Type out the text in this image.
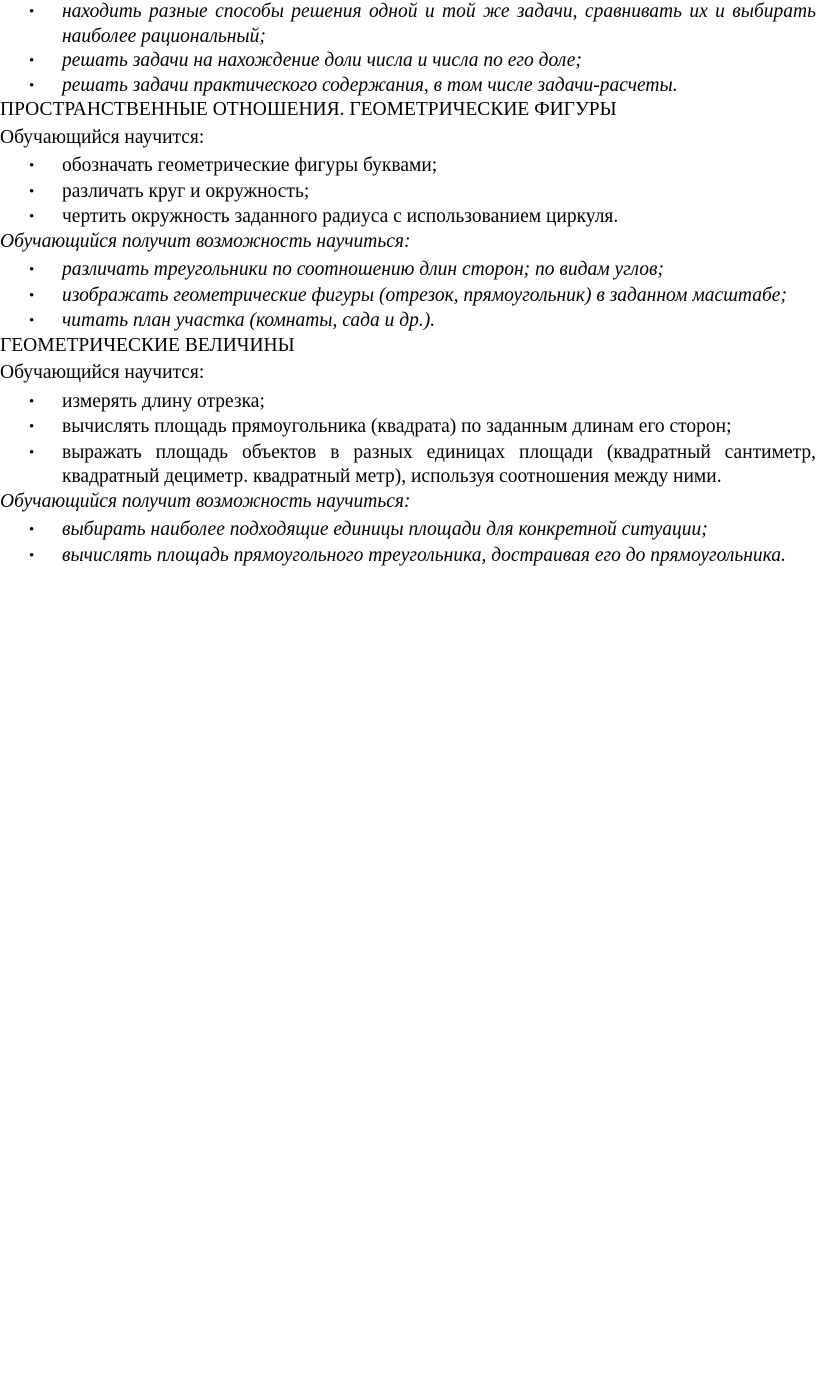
• находить разные способы решения одной и той же задачи, сравнивать их и выбирать наиболее рациональный;
• решать задачи на нахождение доли числа и числа по его доле;
• решать задачи практического содержания, в том числе задачи-расчеты.

ПРОСТРАНСТВЕННЫЕ ОТНОШЕНИЯ. ГЕОМЕТРИЧЕСКИЕ ФИГУРЫ

Обучающийся научится:

• обозначать геометрические фигуры буквами;
• различать круг и окружность;
• чертить окружность заданного радиуса с использованием циркуля.

Обучающийся получит возможность научиться:

• различать треугольники по соотношению длин сторон; по видам углов;
• изображать геометрические фигуры (отрезок, прямоугольник) в заданном масштабе;
• читать план участка (комнаты, сада и др.).

ГЕОМЕТРИЧЕСКИЕ ВЕЛИЧИНЫ

Обучающийся научится:

• измерять длину отрезка;
• вычислять площадь прямоугольника (квадрата) по заданным длинам его сторон;
• выражать площадь объектов в разных единицах площади (квадратный сантиметр, квадратный дециметр. квадратный метр), используя соотношения между ними.

Обучающийся получит возможность научиться:

• выбирать наиболее подходящие единицы площади для конкретной ситуации;
• вычислять площадь прямоугольного треугольника, достраивая его до прямоугольника.
